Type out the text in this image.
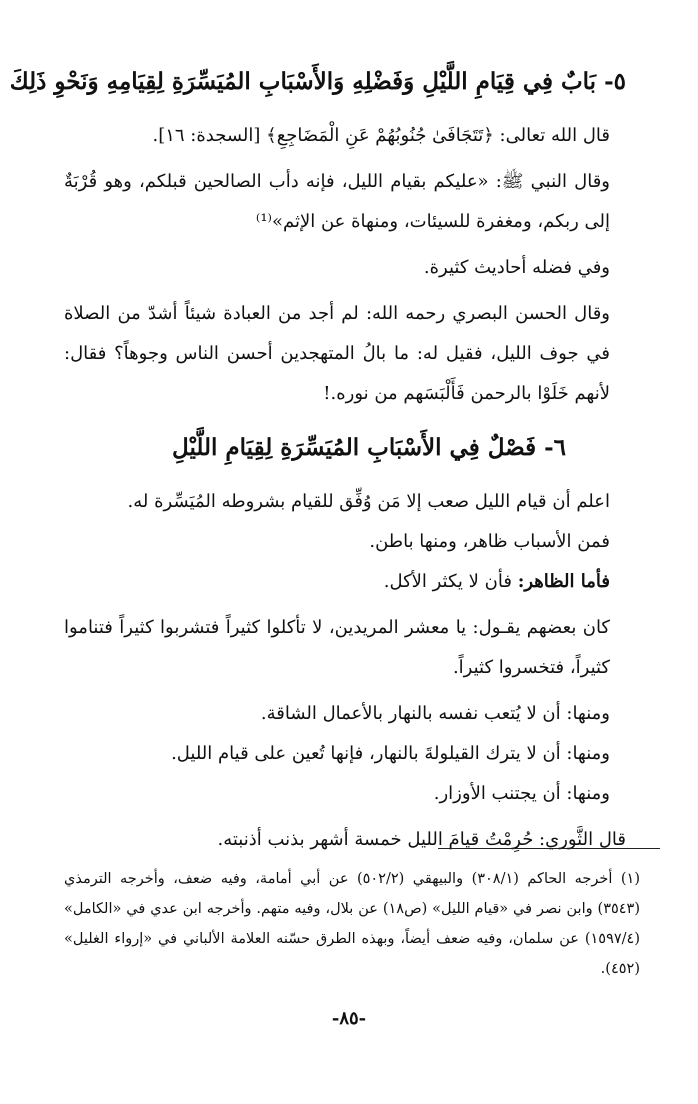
٥- بَابٌ فِي قِيَامِ اللَّيْلِ وَفَضْلِهِ وَالأَسْبَابِ المُيَسِّرَةِ لِقِيَامِهِ وَنَحْوِ ذَلِكَ

قال الله تعالى: ﴿تَتَجَافَىٰ جُنُوبُهُمْ عَنِ الْمَضَاجِعِ﴾ [السجدة: ١٦].

وقال النبي ﷺ: «عليكم بقيام الليل، فإنه دأب الصالحين قبلكم، وهو قُرْبَةٌ إلى ربكم، ومغفرة للسيئات، ومنهاة عن الإثم»⁽¹⁾

وفي فضله أحاديث كثيرة.

وقال الحسن البصري رحمه الله: لم أجد من العبادة شيئاً أشدّ من الصلاة في جوف الليل، فقيل له: ما بالُ المتهجدين أحسن الناس وجوهاً؟ فقال: لأنهم خَلَوْا بالرحمن فَأَلْبَسَهم من نوره.!

٦- فَصْلٌ فِي الأَسْبَابِ المُيَسِّرَةِ لِقِيَامِ اللَّيْلِ

اعلم أن قيام الليل صعب إلا مَن وُفِّق للقيام بشروطه المُيَسِّرة له.

فمن الأسباب ظاهر، ومنها باطن.

فأما الظاهر: فأن لا يكثر الأكل.

كان بعضهم يقـول: يا معشر المريدين، لا تأكلوا كثيراً فتشربوا كثيراً فتناموا كثيراً، فتخسروا كثيراً.

ومنها: أن لا يُتعب نفسه بالنهار بالأعمال الشاقة.

ومنها: أن لا يترك القيلولةَ بالنهار، فإنها تُعين على قيام الليل.

ومنها: أن يجتنب الأوزار.

قال الثَّوري: حُرِمْتُ قيامَ الليل خمسة أشهر بذنب أذنبته.

(١) أخرجه الحاكم (٣٠٨/١) والبيهقي (٥٠٢/٢) عن أبي أمامة، وفيه ضعف، وأخرجه الترمذي (٣٥٤٣) وابن نصر في «قيام الليل» (ص١٨) عن بلال، وفيه متهم. وأخرجه ابن عدي في «الكامل» (١٥٩٧/٤) عن سلمان، وفيه ضعف أيضاً، وبهذه الطرق حسّنه العلامة الألباني في «إرواء الغليل» (٤٥٢).

-٨٥-
